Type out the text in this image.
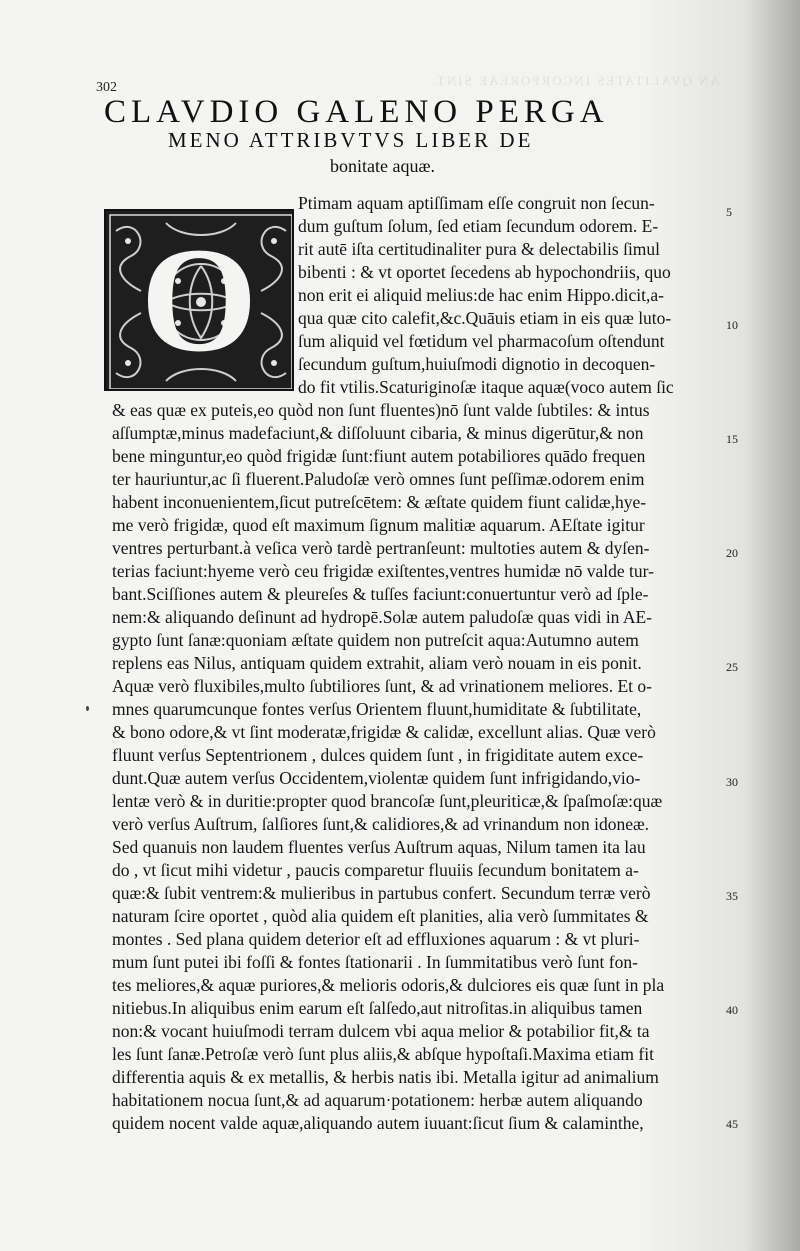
AN QVALITATES INCORPOREAE SINT.
302
CLAVDIO GALENO PERGA
MENO ATTRIBVTVS LIBER DE
bonitate aquæ.
O
Ptimam aquam aptiſſimam eſſe congruit non ſecun-
dum guſtum ſolum, ſed etiam ſecundum odorem. E-
rit autē iſta certitudinaliter pura & delectabilis ſimul
bibenti : & vt oportet ſecedens ab hypochondriis, quo
non erit ei aliquid melius:de hac enim Hippo.dicit,a-
qua quæ cito calefit,&c.Quāuis etiam in eis quæ luto-
ſum aliquid vel fœtidum vel pharmacoſum oſtendunt
ſecundum guſtum,huiuſmodi dignotio in decoquen-
do fit vtilis.Scaturiginoſæ itaque aquæ(voco autem ſic
& eas quæ ex puteis,eo quòd non ſunt fluentes)nō ſunt valde ſubtiles: & intus
aſſumptæ,minus madefaciunt,& diſſoluunt cibaria, & minus digerūtur,& non
bene minguntur,eo quòd frigidæ ſunt:fiunt autem potabiliores quādo frequen
ter hauriuntur,ac ſi fluerent.Paludoſæ verò omnes ſunt peſſimæ.odorem enim
habent inconuenientem,ſicut putreſcētem: & æſtate quidem fiunt calidæ,hye-
me verò frigidæ, quod eſt maximum ſignum malitiæ aquarum. AEſtate igitur
ventres perturbant.à veſica verò tardè pertranſeunt: multoties autem & dyſen-
terias faciunt:hyeme verò ceu frigidæ exiſtentes,ventres humidæ nō valde tur-
bant.Sciſſiones autem & pleureſes & tuſſes faciunt:conuertuntur verò ad ſple-
nem:& aliquando deſinunt ad hydropē.Solæ autem paludoſæ quas vidi in AE-
gypto ſunt ſanæ:quoniam æſtate quidem non putreſcit aqua:Autumno autem
replens eas Nilus, antiquam quidem extrahit, aliam verò nouam in eis ponit.
Aquæ verò fluxibiles,multo ſubtiliores ſunt, & ad vrinationem meliores. Et o-
mnes quarumcunque fontes verſus Orientem fluunt,humiditate & ſubtilitate,
& bono odore,& vt ſint moderatæ,frigidæ & calidæ, excellunt alias. Quæ verò
fluunt verſus Septentrionem , dulces quidem ſunt , in frigiditate autem exce-
dunt.Quæ autem verſus Occidentem,violentæ quidem ſunt infrigidando,vio-
lentæ verò & in duritie:propter quod brancoſæ ſunt,pleuriticæ,& ſpaſmoſæ:quæ
verò verſus Auſtrum, ſalſiores ſunt,& calidiores,& ad vrinandum non idoneæ.
Sed quanuis non laudem fluentes verſus Auſtrum aquas, Nilum tamen ita lau
do , vt ſicut mihi videtur , paucis comparetur fluuiis ſecundum bonitatem a-
quæ:& ſubit ventrem:& mulieribus in partubus confert. Secundum terræ verò
naturam ſcire oportet , quòd alia quidem eſt planities, alia verò ſummitates &
montes . Sed plana quidem deterior eſt ad effluxiones aquarum : & vt pluri-
mum ſunt putei ibi foſſi & fontes ſtationarii . In ſummitatibus verò ſunt fon-
tes meliores,& aquæ puriores,& melioris odoris,& dulciores eis quæ ſunt in pla
nitiebus.In aliquibus enim earum eſt ſalſedo,aut nitroſitas.in aliquibus tamen
non:& vocant huiuſmodi terram dulcem vbi aqua melior & potabilior fit,& ta
les ſunt ſanæ.Petroſæ verò ſunt plus aliis,& abſque hypoſtaſi.Maxima etiam fit
differentia aquis & ex metallis, & herbis natis ibi. Metalla igitur ad animalium
habitationem nocua ſunt,& ad aquarum·potationem: herbæ autem aliquando
quidem nocent valde aquæ,aliquando autem iuuant:ſicut ſium & calaminthe,
5
10
15
20
25
30
35
40
45
